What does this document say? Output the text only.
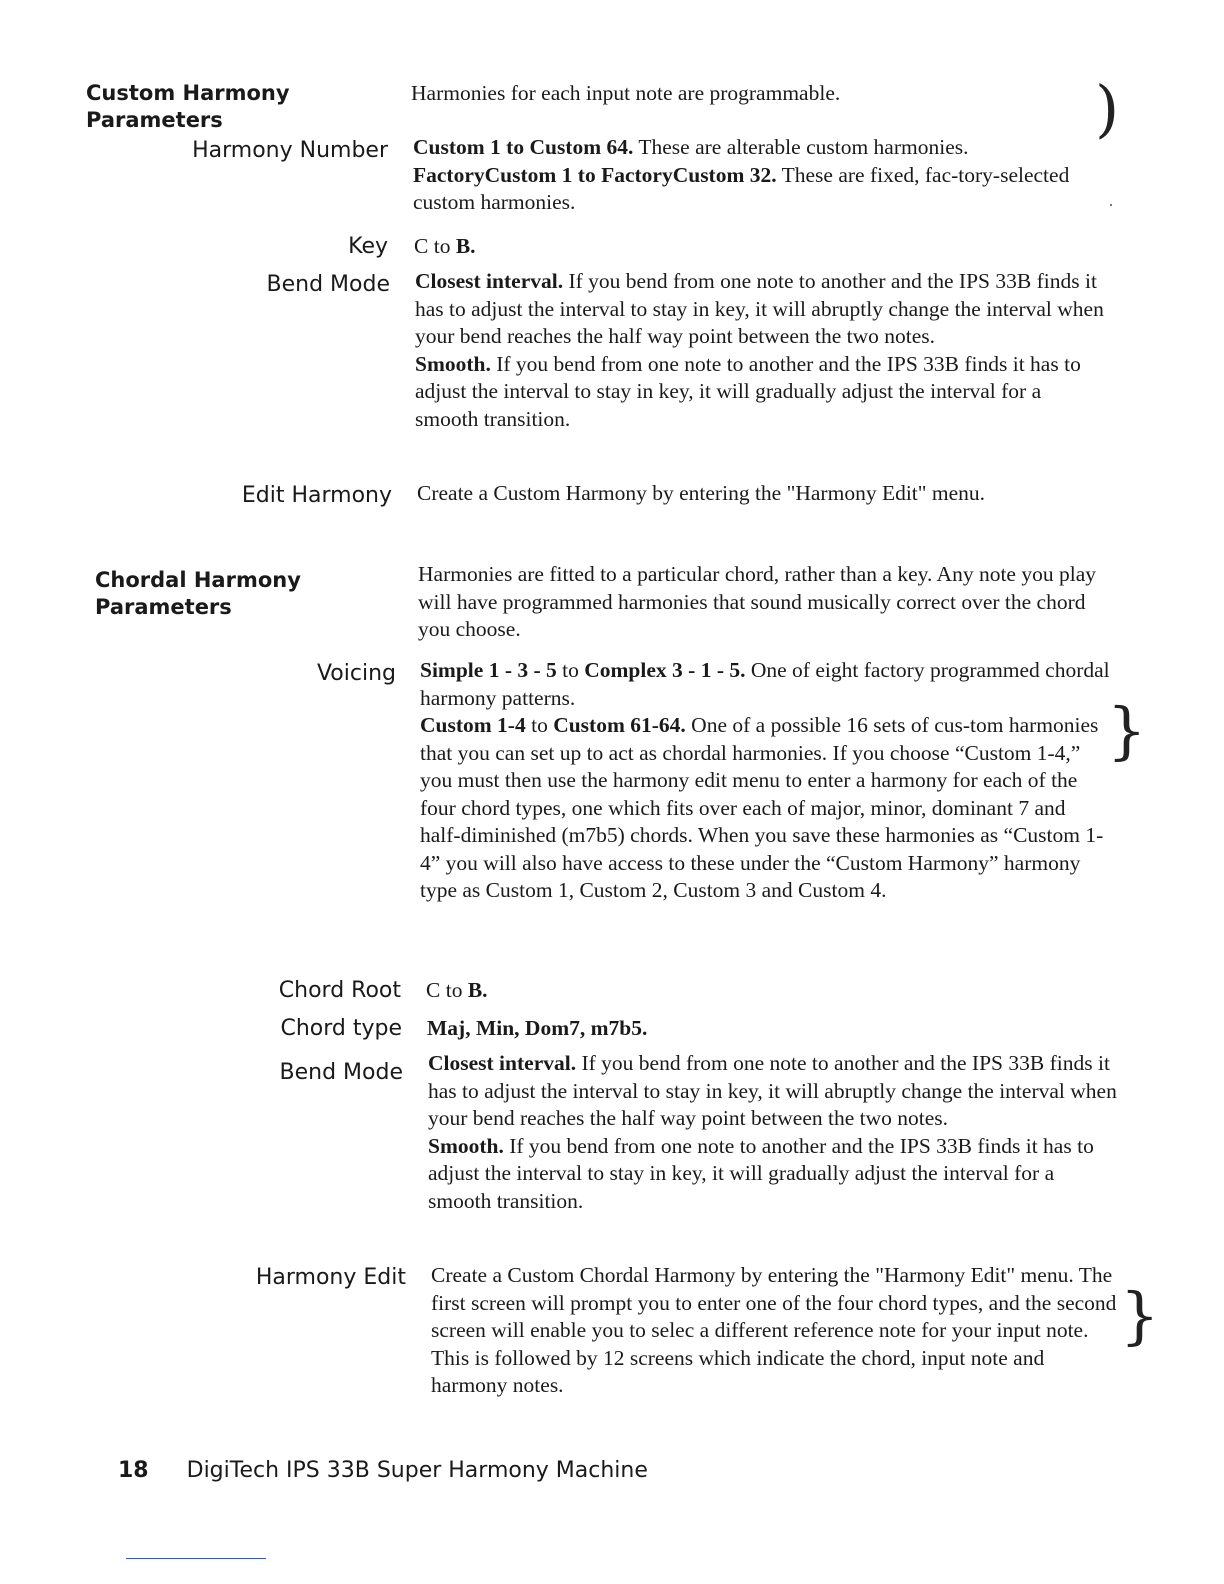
Custom Harmony
Parameters

Harmonies for each input note are programmable.

Harmony Number Custom 1 to Custom 64. These are alterable custom harmonies.
FactoryCustom 1 to FactoryCustom 32. These are fixed, fac-tory-selected custom harmonies.

Key C to B.

Bend Mode Closest interval. If you bend from one note to another and the IPS 33B finds it has to adjust the interval to stay in key, it will abruptly change the interval when your bend reaches the half way point between the two notes.

Smooth. If you bend from one note to another and the IPS 33B finds it has to adjust the interval to stay in key, it will gradually adjust the interval for a smooth transition.

Edit Harmony Create a Custom Harmony by entering the "Harmony Edit" menu.

Chordal Harmony
Parameters

Harmonies are fitted to a particular chord, rather than a key. Any note you play will have programmed harmonies that sound musically correct over the chord you choose.

Voicing Simple 1 - 3 - 5 to Complex 3 - 1 - 5. One of eight factory programmed chordal harmony patterns.

Custom 1-4 to Custom 61-64. One of a possible 16 sets of cus-tom harmonies that you can set up to act as chordal harmonies. If you choose “Custom 1-4,” you must then use the harmony edit menu to enter a harmony for each of the four chord types, one which fits over each of major, minor, dominant 7 and half-diminished (m7b5) chords. When you save these harmonies as “Custom 1-4” you will also have access to these under the “Custom Harmony” harmony type as Custom 1, Custom 2, Custom 3 and Custom 4.

Chord Root C to B.

Chord type Maj, Min, Dom7, m7b5.

Bend Mode Closest interval. If you bend from one note to another and the IPS 33B finds it has to adjust the interval to stay in key, it will abruptly change the interval when your bend reaches the half way point between the two notes.

Smooth. If you bend from one note to another and the IPS 33B finds it has to adjust the interval to stay in key, it will gradually adjust the interval for a smooth transition.

Harmony Edit Create a Custom Chordal Harmony by entering the "Harmony Edit" menu. The first screen will prompt you to enter one of the four chord types, and the second screen will enable you to selec a different reference note for your input note. This is followed by 12 screens which indicate the chord, input note and harmony notes.

)
}
}
18 DigiTech IPS 33B Super Harmony Machine
